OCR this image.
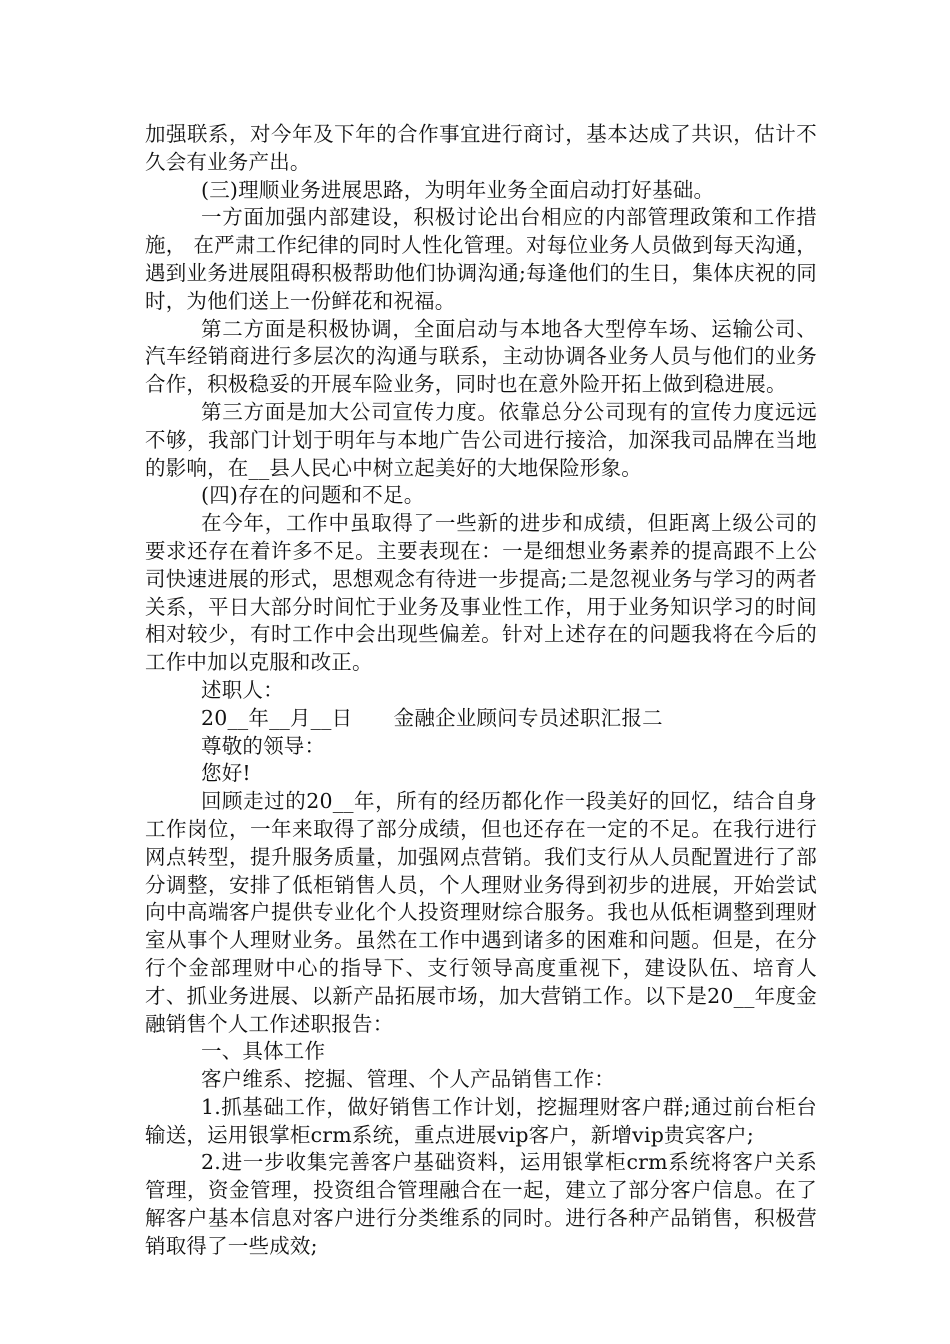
加强联系，对今年及下年的合作事宜进行商讨，基本达成了共识，估计不久会有业务产出。

(三)理顺业务进展思路，为明年业务全面启动打好基础。

一方面加强内部建设，积极讨论出台相应的内部管理政策和工作措施， 在严肃工作纪律的同时人性化管理。对每位业务人员做到每天沟通，遇到业务进展阻碍积极帮助他们协调沟通;每逢他们的生日，集体庆祝的同时，为他们送上一份鲜花和祝福。

第二方面是积极协调，全面启动与本地各大型停车场、运输公司、汽车经销商进行多层次的沟通与联系，主动协调各业务人员与他们的业务合作，积极稳妥的开展车险业务，同时也在意外险开拓上做到稳进展。

第三方面是加大公司宣传力度。依靠总分公司现有的宣传力度远远不够，我部门计划于明年与本地广告公司进行接洽，加深我司品牌在当地的影响，在__县人民心中树立起美好的大地保险形象。

(四)存在的问题和不足。

在今年，工作中虽取得了一些新的进步和成绩，但距离上级公司的要求还存在着许多不足。主要表现在：一是细想业务素养的提高跟不上公司快速进展的形式，思想观念有待进一步提高;二是忽视业务与学习的两者关系，平日大部分时间忙于业务及事业性工作，用于业务知识学习的时间相对较少，有时工作中会出现些偏差。针对上述存在的问题我将在今后的工作中加以克服和改正。

述职人：

20__年__月__日　　金融企业顾问专员述职汇报二

尊敬的领导：

您好!

回顾走过的20__年，所有的经历都化作一段美好的回忆，结合自身工作岗位，一年来取得了部分成绩，但也还存在一定的不足。在我行进行网点转型，提升服务质量，加强网点营销。我们支行从人员配置进行了部分调整，安排了低柜销售人员，个人理财业务得到初步的进展，开始尝试向中高端客户提供专业化个人投资理财综合服务。我也从低柜调整到理财室从事个人理财业务。虽然在工作中遇到诸多的困难和问题。但是，在分行个金部理财中心的指导下、支行领导高度重视下，建设队伍、培育人才、抓业务进展、以新产品拓展市场，加大营销工作。以下是20__年度金融销售个人工作述职报告：

一、具体工作

客户维系、挖掘、管理、个人产品销售工作：

1.抓基础工作，做好销售工作计划，挖掘理财客户群;通过前台柜台输送，运用银掌柜crm系统，重点进展vip客户，新增vip贵宾客户;

2.进一步收集完善客户基础资料，运用银掌柜crm系统将客户关系管理，资金管理，投资组合管理融合在一起，建立了部分客户信息。在了解客户基本信息对客户进行分类维系的同时。进行各种产品销售，积极营销取得了一些成效;
